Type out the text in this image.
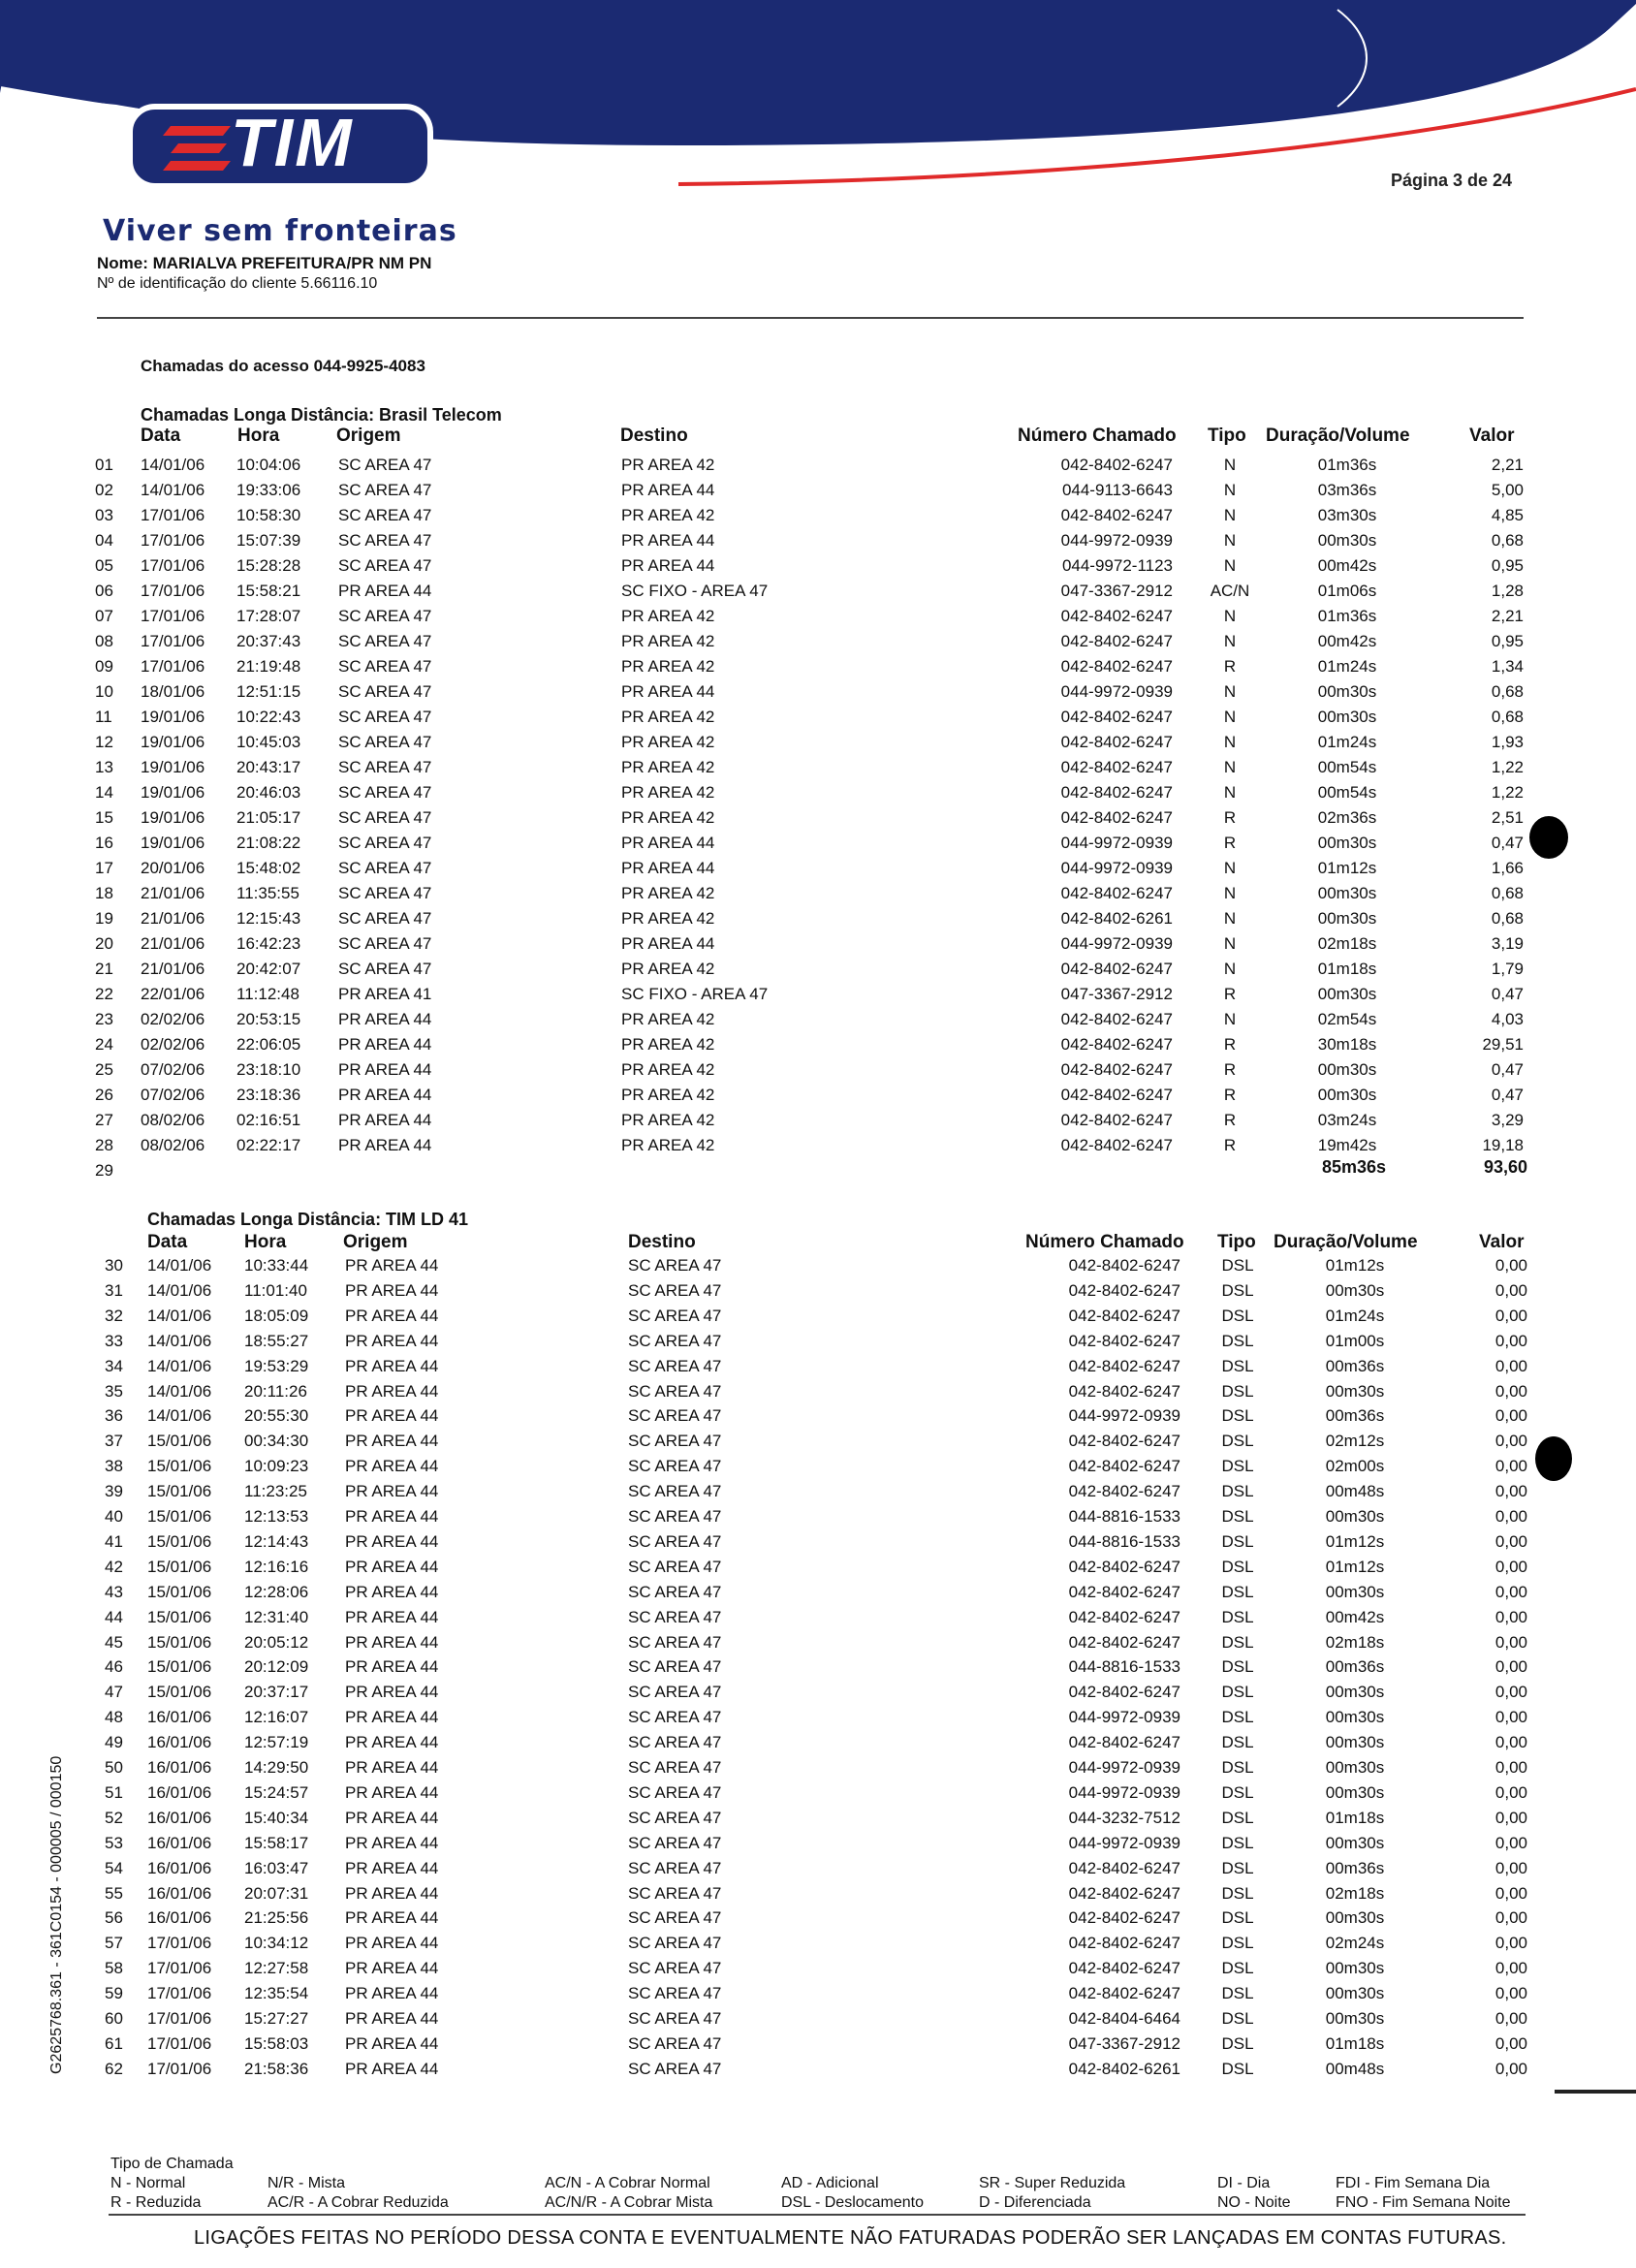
TIM	Página 3 de 24
Viver sem fronteiras
Nome: MARIALVA PREFEITURA/PR NM PN
Nº de identificação do cliente 5.66116.10
Chamadas do acesso 044-9925-4083
Chamadas Longa Distância: Brasil Telecom
Data	Hora	Origem	Destino	Número Chamado Tipo Duração/Volume	Valor
01	14/01/06	10:04:06	SC AREA 47	PR AREA 42	042-8402-6247	N	01m36s	2,21
02	14/01/06	19:33:06	SC AREA 47	PR AREA 44	044-9113-6643	N	03m36s	5,00
03	17/01/06	10:58:30	SC AREA 47	PR AREA 42	042-8402-6247	N	03m30s	4,85
04	17/01/06	15:07:39	SC AREA 47	PR AREA 44	044-9972-0939	N	00m30s	0,68
05	17/01/06	15:28:28	SC AREA 47	PR AREA 44	044-9972-1123	N	00m42s	0,95
06	17/01/06	15:58:21	PR AREA 44	SC FIXO - AREA 47	047-3367-2912	AC/N	01m06s	1,28
07	17/01/06	17:28:07	SC AREA 47	PR AREA 42	042-8402-6247	N	01m36s	2,21
08	17/01/06	20:37:43	SC AREA 47	PR AREA 42	042-8402-6247	N	00m42s	0,95
09	17/01/06	21:19:48	SC AREA 47	PR AREA 42	042-8402-6247	R	01m24s	1,34
10	18/01/06	12:51:15	SC AREA 47	PR AREA 44	044-9972-0939	N	00m30s	0,68
11	19/01/06	10:22:43	SC AREA 47	PR AREA 42	042-8402-6247	N	00m30s	0,68
12	19/01/06	10:45:03	SC AREA 47	PR AREA 42	042-8402-6247	N	01m24s	1,93
13	19/01/06	20:43:17	SC AREA 47	PR AREA 42	042-8402-6247	N	00m54s	1,22
14	19/01/06	20:46:03	SC AREA 47	PR AREA 42	042-8402-6247	N	00m54s	1,22
15	19/01/06	21:05:17	SC AREA 47	PR AREA 42	042-8402-6247	R	02m36s	2,51
16	19/01/06	21:08:22	SC AREA 47	PR AREA 44	044-9972-0939	R	00m30s	0,47
17	20/01/06	15:48:02	SC AREA 47	PR AREA 44	044-9972-0939	N	01m12s	1,66
18	21/01/06	11:35:55	SC AREA 47	PR AREA 42	042-8402-6247	N	00m30s	0,68
19	21/01/06	12:15:43	SC AREA 47	PR AREA 42	042-8402-6261	N	00m30s	0,68
20	21/01/06	16:42:23	SC AREA 47	PR AREA 44	044-9972-0939	N	02m18s	3,19
21	21/01/06	20:42:07	SC AREA 47	PR AREA 42	042-8402-6247	N	01m18s	1,79
22	22/01/06	11:12:48	PR AREA 41	SC FIXO - AREA 47	047-3367-2912	R	00m30s	0,47
23	02/02/06	20:53:15	PR AREA 44	PR AREA 42	042-8402-6247	N	02m54s	4,03
24	02/02/06	22:06:05	PR AREA 44	PR AREA 42	042-8402-6247	R	30m18s	29,51
25	07/02/06	23:18:10	PR AREA 44	PR AREA 42	042-8402-6247	R	00m30s	0,47
26	07/02/06	23:18:36	PR AREA 44	PR AREA 42	042-8402-6247	R	00m30s	0,47
27	08/02/06	02:16:51	PR AREA 44	PR AREA 42	042-8402-6247	R	03m24s	3,29
28	08/02/06	02:22:17	PR AREA 44	PR AREA 42	042-8402-6247	R	19m42s	19,18
29	85m36s	93,60
Chamadas Longa Distância: TIM LD 41
Data	Hora	Origem	Destino	Número Chamado Tipo Duração/Volume	Valor
30	14/01/06	10:33:44	PR AREA 44	SC AREA 47	042-8402-6247	DSL	01m12s	0,00
31	14/01/06	11:01:40	PR AREA 44	SC AREA 47	042-8402-6247	DSL	00m30s	0,00
32	14/01/06	18:05:09	PR AREA 44	SC AREA 47	042-8402-6247	DSL	01m24s	0,00
33	14/01/06	18:55:27	PR AREA 44	SC AREA 47	042-8402-6247	DSL	01m00s	0,00
34	14/01/06	19:53:29	PR AREA 44	SC AREA 47	042-8402-6247	DSL	00m36s	0,00
35	14/01/06	20:11:26	PR AREA 44	SC AREA 47	042-8402-6247	DSL	00m30s	0,00
36	14/01/06	20:55:30	PR AREA 44	SC AREA 47	044-9972-0939	DSL	00m36s	0,00
37	15/01/06	00:34:30	PR AREA 44	SC AREA 47	042-8402-6247	DSL	02m12s	0,00
38	15/01/06	10:09:23	PR AREA 44	SC AREA 47	042-8402-6247	DSL	02m00s	0,00
39	15/01/06	11:23:25	PR AREA 44	SC AREA 47	042-8402-6247	DSL	00m48s	0,00
40	15/01/06	12:13:53	PR AREA 44	SC AREA 47	044-8816-1533	DSL	00m30s	0,00
41	15/01/06	12:14:43	PR AREA 44	SC AREA 47	044-8816-1533	DSL	01m12s	0,00
42	15/01/06	12:16:16	PR AREA 44	SC AREA 47	042-8402-6247	DSL	01m12s	0,00
43	15/01/06	12:28:06	PR AREA 44	SC AREA 47	042-8402-6247	DSL	00m30s	0,00
44	15/01/06	12:31:40	PR AREA 44	SC AREA 47	042-8402-6247	DSL	00m42s	0,00
45	15/01/06	20:05:12	PR AREA 44	SC AREA 47	042-8402-6247	DSL	02m18s	0,00
46	15/01/06	20:12:09	PR AREA 44	SC AREA 47	044-8816-1533	DSL	00m36s	0,00
47	15/01/06	20:37:17	PR AREA 44	SC AREA 47	042-8402-6247	DSL	00m30s	0,00
48	16/01/06	12:16:07	PR AREA 44	SC AREA 47	044-9972-0939	DSL	00m30s	0,00
49	16/01/06	12:57:19	PR AREA 44	SC AREA 47	042-8402-6247	DSL	00m30s	0,00
50	16/01/06	14:29:50	PR AREA 44	SC AREA 47	044-9972-0939	DSL	00m30s	0,00
51	16/01/06	15:24:57	PR AREA 44	SC AREA 47	044-9972-0939	DSL	00m30s	0,00
52	16/01/06	15:40:34	PR AREA 44	SC AREA 47	044-3232-7512	DSL	01m18s	0,00
53	16/01/06	15:58:17	PR AREA 44	SC AREA 47	044-9972-0939	DSL	00m30s	0,00
54	16/01/06	16:03:47	PR AREA 44	SC AREA 47	042-8402-6247	DSL	00m36s	0,00
55	16/01/06	20:07:31	PR AREA 44	SC AREA 47	042-8402-6247	DSL	02m18s	0,00
56	16/01/06	21:25:56	PR AREA 44	SC AREA 47	042-8402-6247	DSL	00m30s	0,00
57	17/01/06	10:34:12	PR AREA 44	SC AREA 47	042-8402-6247	DSL	02m24s	0,00
58	17/01/06	12:27:58	PR AREA 44	SC AREA 47	042-8402-6247	DSL	00m30s	0,00
59	17/01/06	12:35:54	PR AREA 44	SC AREA 47	042-8402-6247	DSL	00m30s	0,00
60	17/01/06	15:27:27	PR AREA 44	SC AREA 47	042-8404-6464	DSL	00m30s	0,00
61	17/01/06	15:58:03	PR AREA 44	SC AREA 47	047-3367-2912	DSL	01m18s	0,00
62	17/01/06	21:58:36	PR AREA 44	SC AREA 47	042-8402-6261	DSL	00m48s	0,00
Tipo de Chamada
N - Normal
R - Reduzida
N/R - Mista
AC/R - A Cobrar Reduzida
AC/N - A Cobrar Normal
AC/N/R - A Cobrar Mista
AD - Adicional
DSL - Deslocamento
SR - Super Reduzida
D - Diferenciada
DI - Dia
NO - Noite
FDI - Fim Semana Dia
FNO - Fim Semana Noite
LIGAÇÕES FEITAS NO PERÍODO DESSA CONTA E EVENTUALMENTE NÃO FATURADAS PODERÃO SER LANÇADAS EM CONTAS FUTURAS.
G2625768.361 - 361C0154 - 000005 / 000150
